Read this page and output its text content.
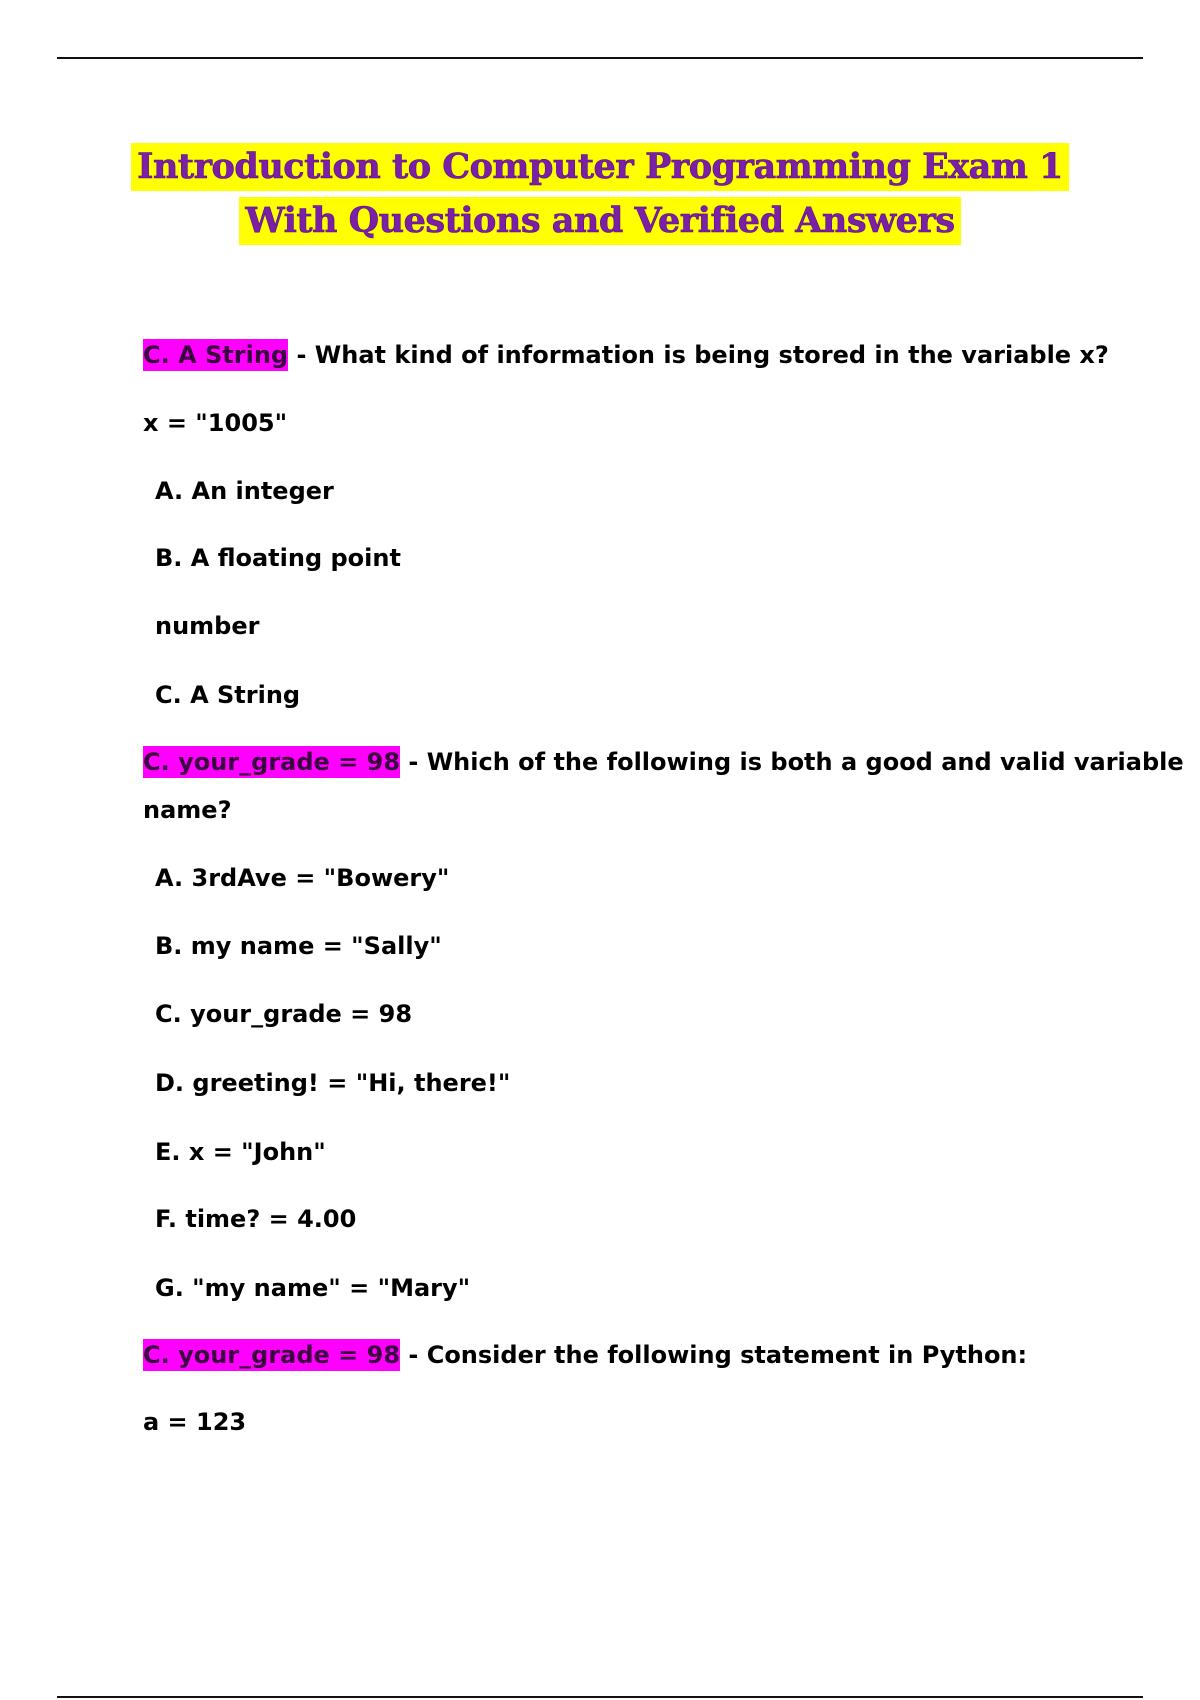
Introduction to Computer Programming Exam 1
With Questions and Verified Answers
C. A String - What kind of information is being stored in the variable x?
x = "1005"
A. An integer
B. A floating point
number
C. A String
C. your_grade = 98 - Which of the following is both a good and valid variable
name?
A. 3rdAve = "Bowery"
B. my name = "Sally"
C. your_grade = 98
D. greeting! = "Hi, there!"
E. x = "John"
F. time? = 4.00
G. "my name" = "Mary"
C. your_grade = 98 - Consider the following statement in Python:
a = 123
